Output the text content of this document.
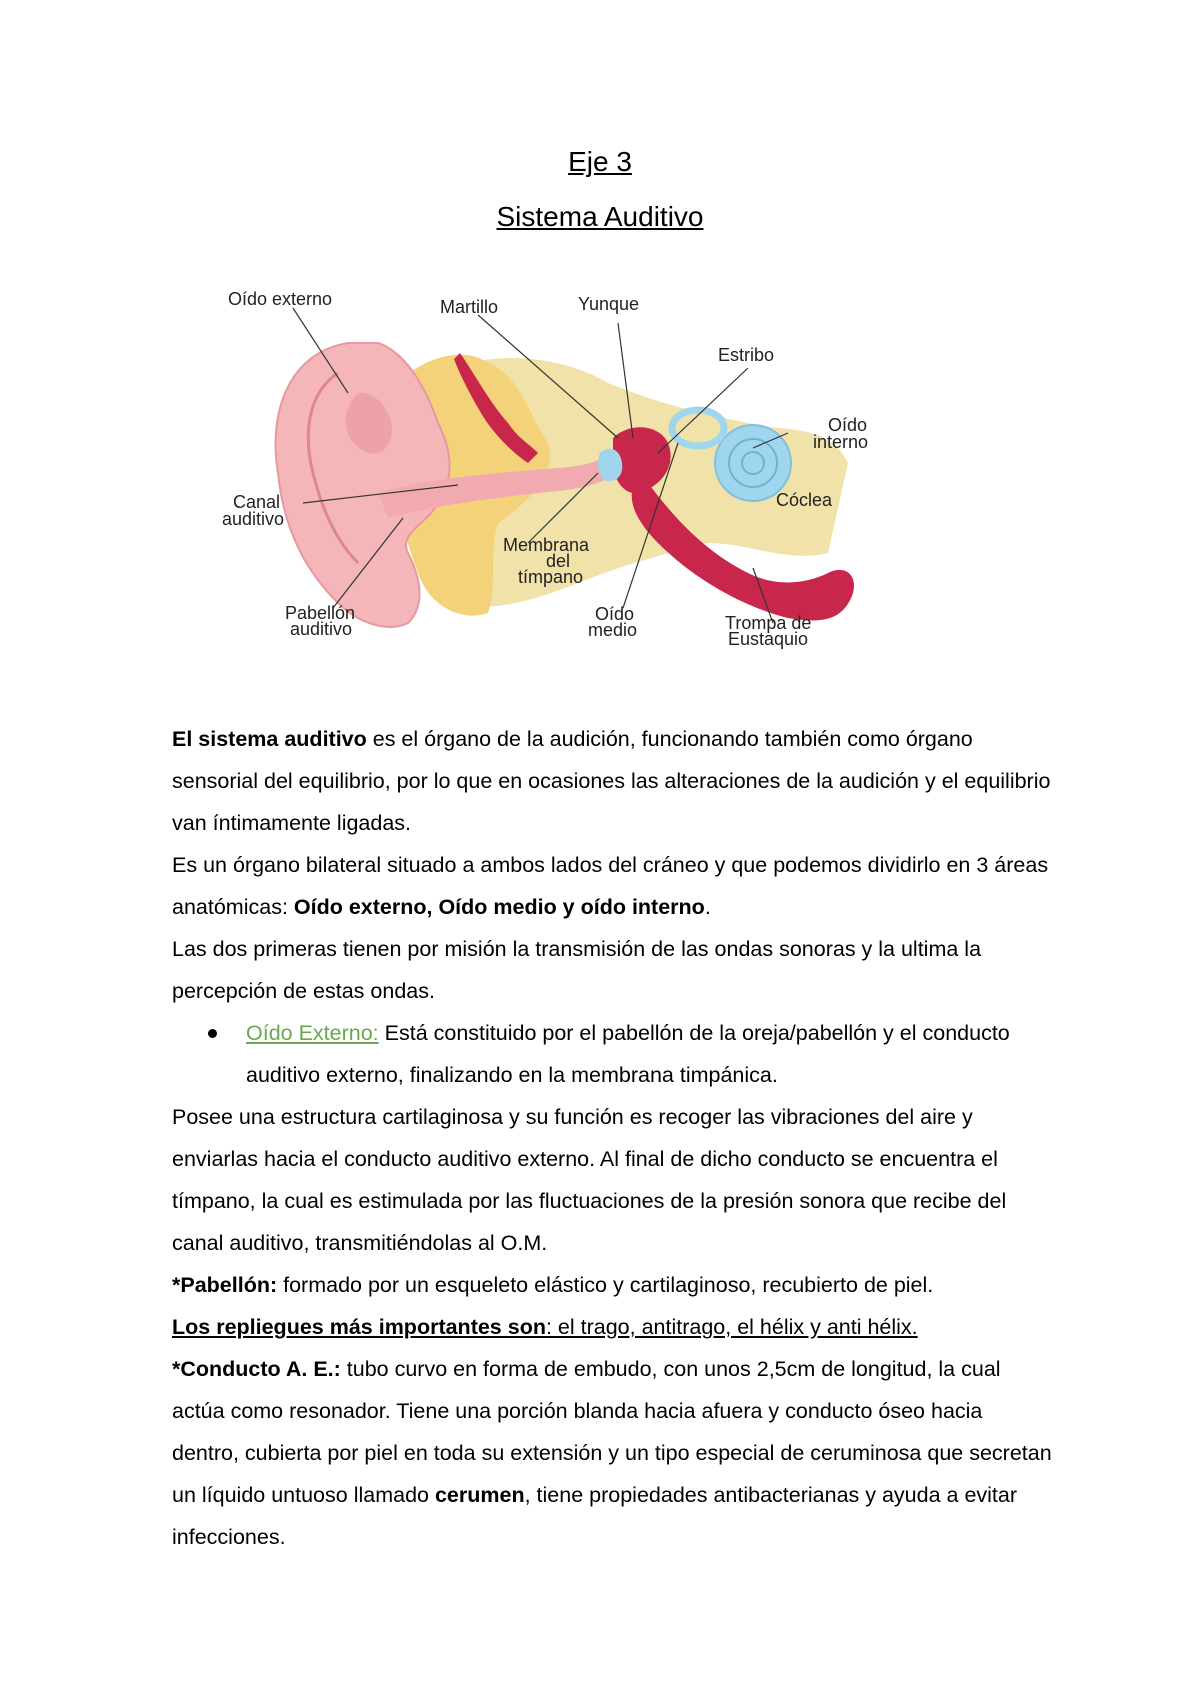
Eje 3
Sistema Auditivo
Oído externo	Martillo	Yunque
Estribo
Oído
interno
Cóclea
Canal
auditivo
Membrana
del
tímpano
Pabellón
auditivo
Oído
medio	Trompa de
Eustaquio

El sistema auditivo es el órgano de la audición, funcionando también como órgano sensorial del equilibrio, por lo que en ocasiones las alteraciones de la audición y el equilibrio van íntimamente ligadas.

Es un órgano bilateral situado a ambos lados del cráneo y que podemos dividirlo en 3 áreas anatómicas: Oído externo, Oído medio y oído interno.

Las dos primeras tienen por misión la transmisión de las ondas sonoras y la ultima la percepción de estas ondas.

Oído Externo: Está constituido por el pabellón de la oreja/pabellón y el conducto auditivo externo, finalizando en la membrana timpánica.

Posee una estructura cartilaginosa y su función es recoger las vibraciones del aire y enviarlas hacia el conducto auditivo externo. Al final de dicho conducto se encuentra el tímpano, la cual es estimulada por las fluctuaciones de la presión sonora que recibe del canal auditivo, transmitiéndolas al O.M.

*Pabellón: formado por un esqueleto elástico y cartilaginoso, recubierto de piel.

Los repliegues más importantes son: el trago, antitrago, el hélix y anti hélix.

*Conducto A. E.: tubo curvo en forma de embudo, con unos 2,5cm de longitud, la cual actúa como resonador. Tiene una porción blanda hacia afuera y conducto óseo hacia dentro, cubierta por piel en toda su extensión y un tipo especial de ceruminosa que secretan un líquido untuoso llamado cerumen, tiene propiedades antibacterianas y ayuda a evitar infecciones.
